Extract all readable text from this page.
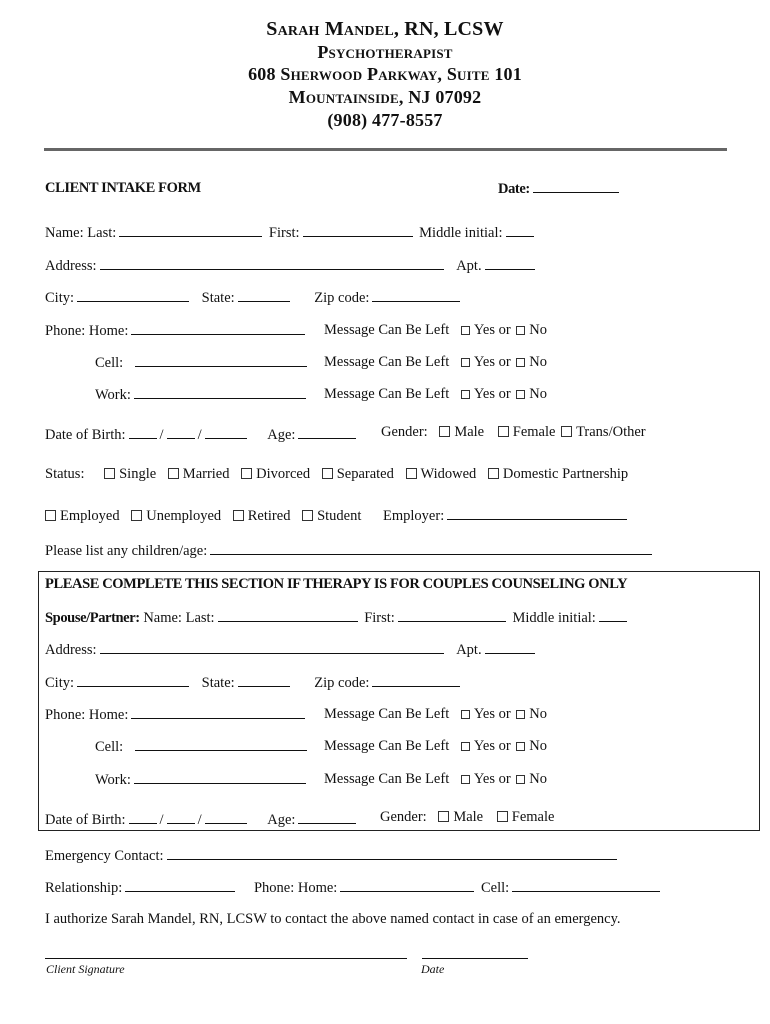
Sarah Mandel, RN, LCSW
Psychotherapist
608 Sherwood Parkway, Suite 101
Mountainside, NJ 07092
(908) 477-8557
CLIENT INTAKE FORM	Date:
Name: Last:	First:	Middle initial:
Address:	Apt.
City:	State:	Zip code:
Phone: Home:	Message Can Be Left Yes or No
Cell:	Message Can Be Left Yes or No
Work:	Message Can Be Left Yes or No
Date of Birth: / /	Age:	Gender: Male Female Trans/Other
Status: Single Married Divorced Separated Widowed Domestic Partnership
Employed Unemployed Retired Student Employer:
Please list any children/age:
PLEASE COMPLETE THIS SECTION IF THERAPY IS FOR COUPLES COUNSELING ONLY
Spouse/Partner: Name: Last:	First:	Middle initial:
Address:	Apt.
City:	State:	Zip code:
Phone: Home:	Message Can Be Left Yes or No
Cell:	Message Can Be Left Yes or No
Work:	Message Can Be Left Yes or No
Date of Birth: / /	Age:	Gender: Male Female
Emergency Contact:
Relationship:	Phone: Home:	Cell:
I authorize Sarah Mandel, RN, LCSW to contact the above named contact in case of an emergency.
Client Signature	Date
